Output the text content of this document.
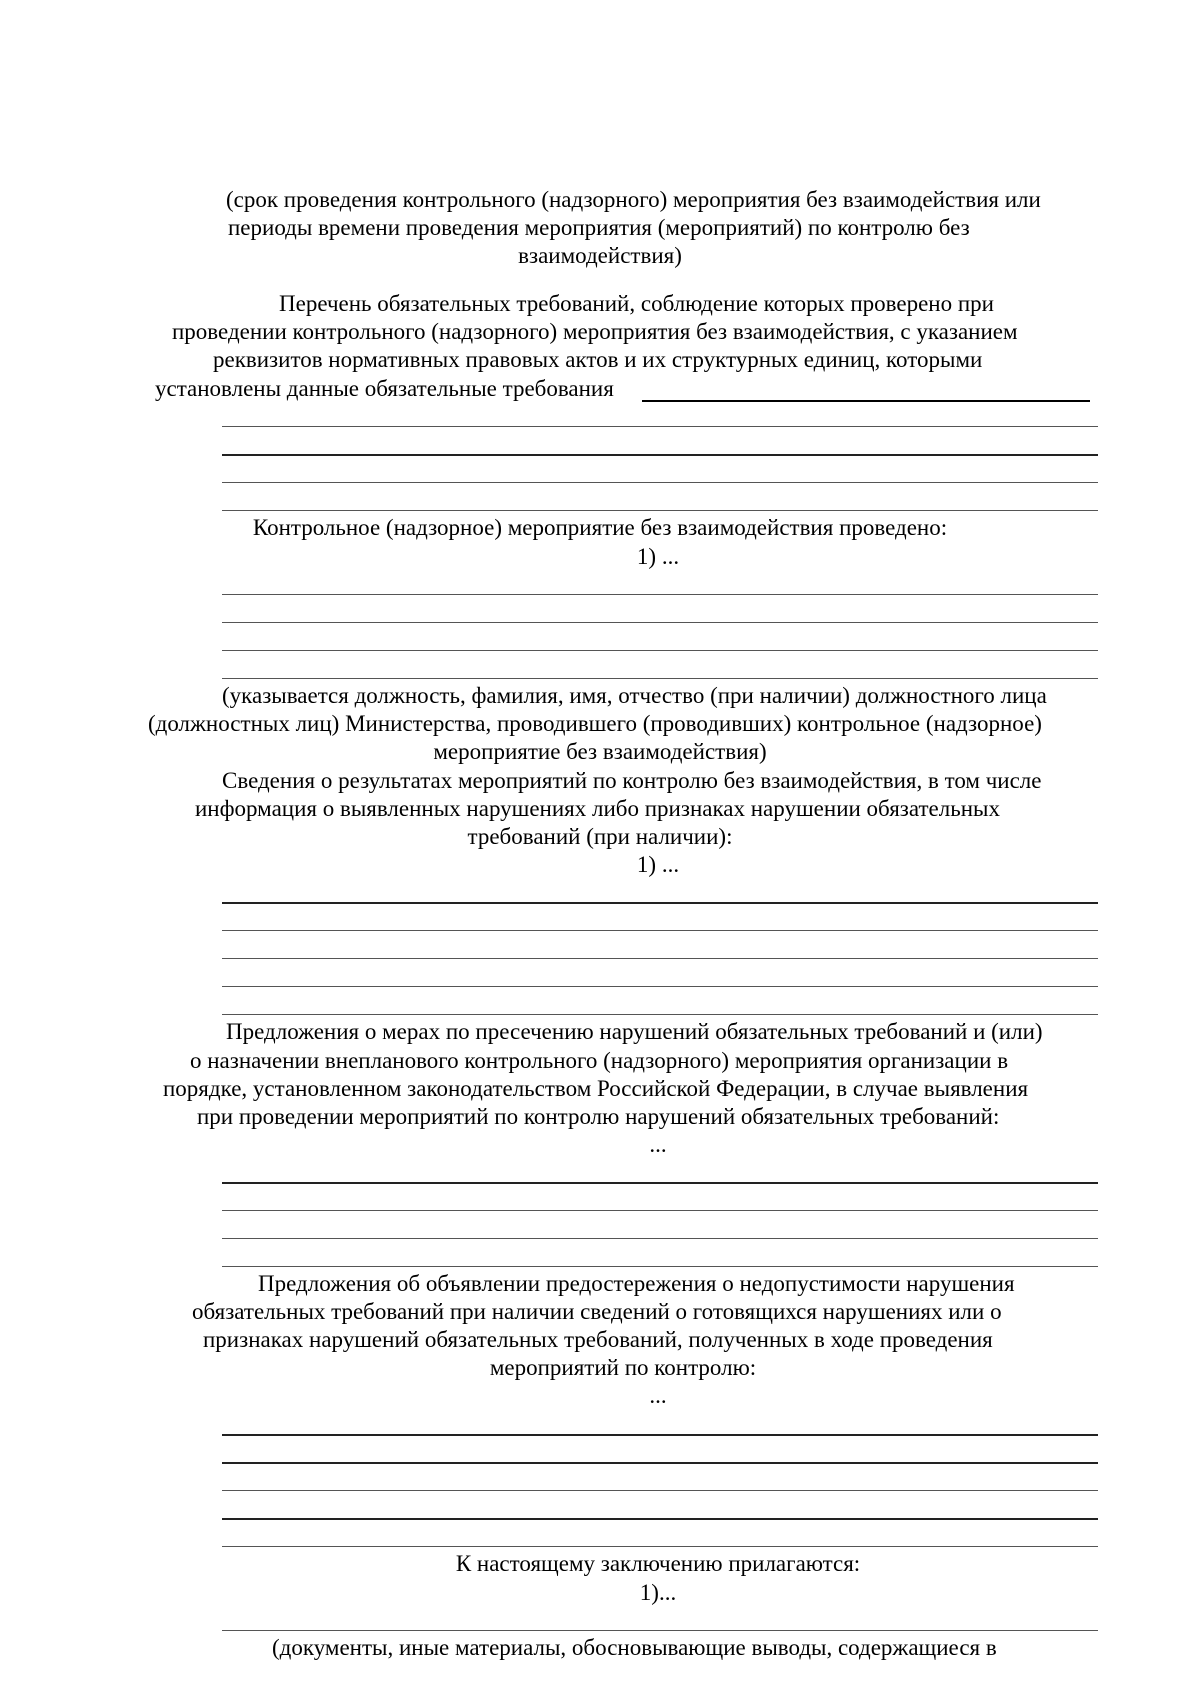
(срок проведения контрольного (надзорного) мероприятия без взаимодействия или
периоды времени проведения мероприятия (мероприятий) по контролю без
взаимодействия)
Перечень обязательных требований, соблюдение которых проверено при
проведении контрольного (надзорного) мероприятия без взаимодействия, с указанием
реквизитов нормативных правовых актов и их структурных единиц, которыми
установлены данные обязательные требования
Контрольное (надзорное) мероприятие без взаимодействия проведено:
1) ...
(указывается должность, фамилия, имя, отчество (при наличии) должностного лица
(должностных лиц) Министерства, проводившего (проводивших) контрольное (надзорное)
мероприятие без взаимодействия)
Сведения о результатах мероприятий по контролю без взаимодействия, в том числе
информация о выявленных нарушениях либо признаках нарушении обязательных
требований (при наличии):
1) ...
Предложения о мерах по пресечению нарушений обязательных требований и (или)
о назначении внепланового контрольного (надзорного) мероприятия организации в
порядке, установленном законодательством Российской Федерации, в случае выявления
при проведении мероприятий по контролю нарушений обязательных требований:
...
Предложения об объявлении предостережения о недопустимости нарушения
обязательных требований при наличии сведений о готовящихся нарушениях или о
признаках нарушений обязательных требований, полученных в ходе проведения
мероприятий по контролю:
...
К настоящему заключению прилагаются:
1)...
(документы, иные материалы, обосновывающие выводы, содержащиеся в
